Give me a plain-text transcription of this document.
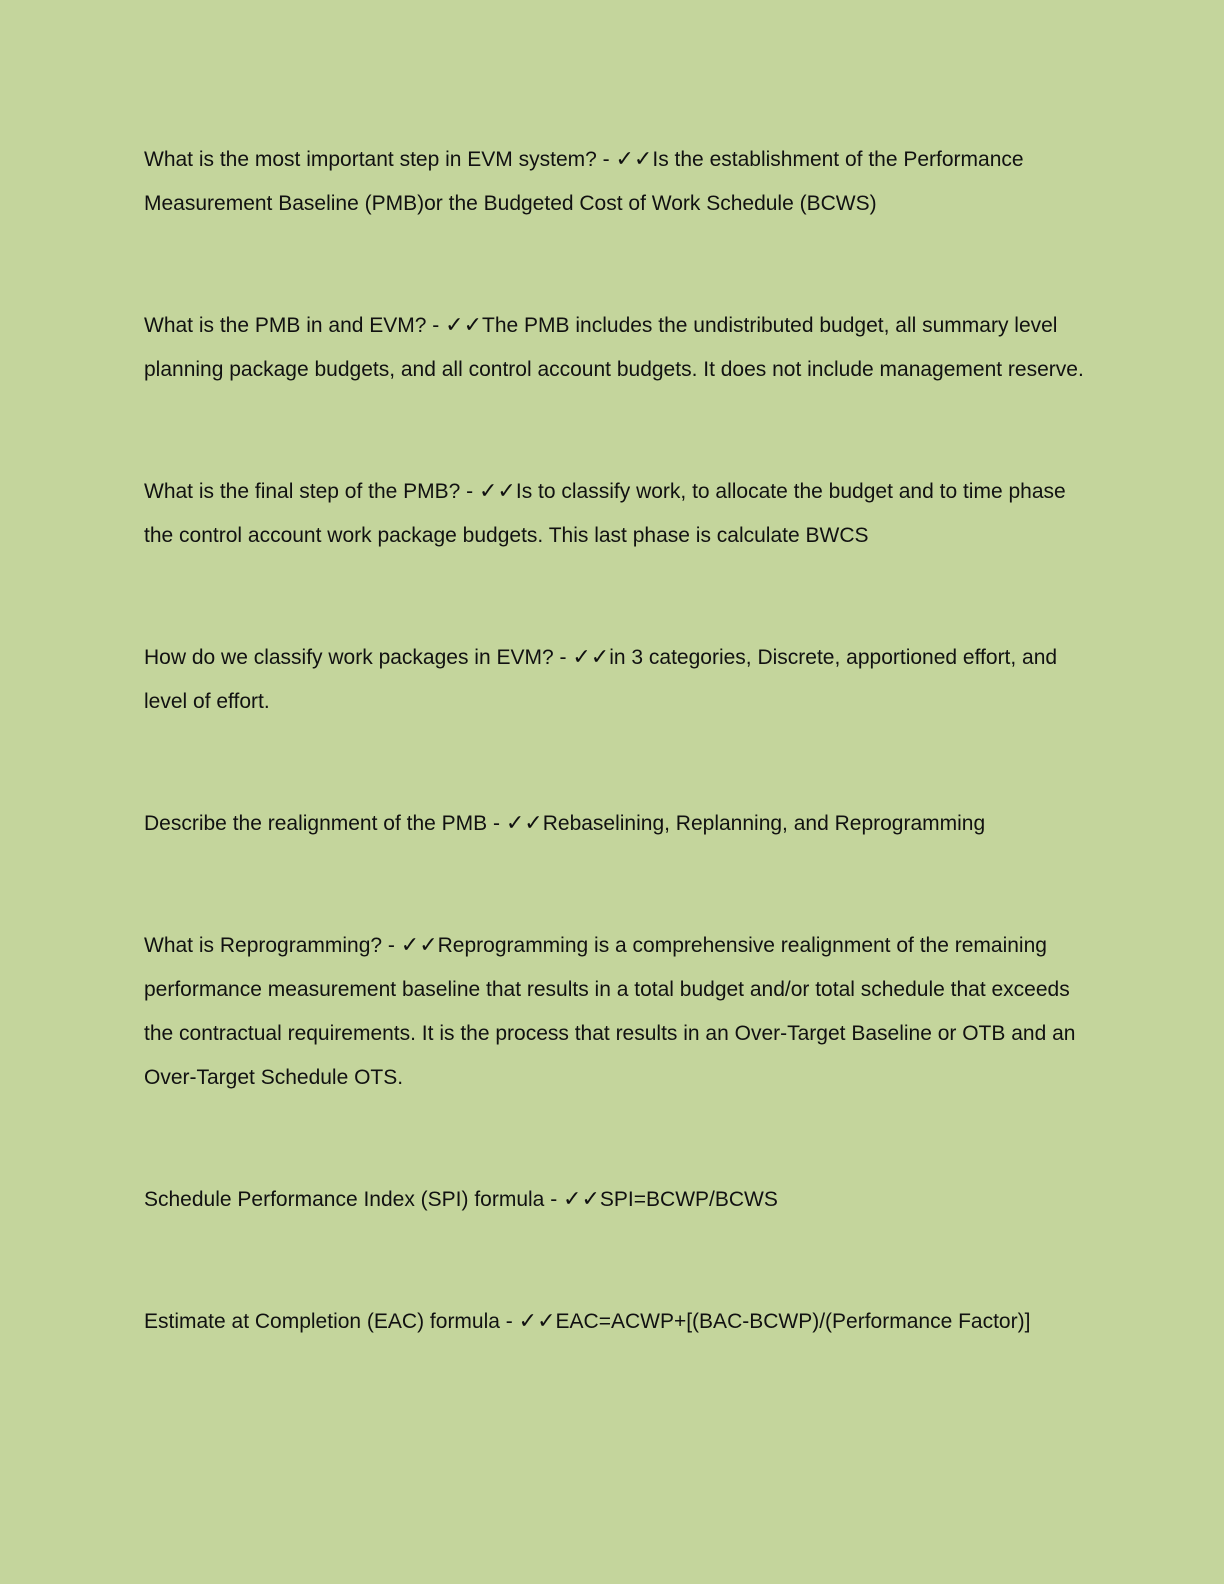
What is the most important step in EVM system? - ✓✓Is the establishment of the Performance Measurement Baseline (PMB)or the Budgeted Cost of Work Schedule (BCWS)

What is the PMB in and EVM? - ✓✓The PMB includes the undistributed budget, all summary level planning package budgets, and all control account budgets. It does not include management reserve.

What is the final step of the PMB? - ✓✓Is to classify work, to allocate the budget and to time phase the control account work package budgets. This last phase is calculate BWCS

How do we classify work packages in EVM? - ✓✓in 3 categories, Discrete, apportioned effort, and level of effort.

Describe the realignment of the PMB - ✓✓Rebaselining, Replanning, and Reprogramming

What is Reprogramming? - ✓✓Reprogramming is a comprehensive realignment of the remaining performance measurement baseline that results in a total budget and/or total schedule that exceeds the contractual requirements. It is the process that results in an Over-Target Baseline or OTB and an Over-Target Schedule OTS.

Schedule Performance Index (SPI) formula - ✓✓SPI=BCWP/BCWS

Estimate at Completion (EAC) formula - ✓✓EAC=ACWP+[(BAC-BCWP)/(Performance Factor)]
